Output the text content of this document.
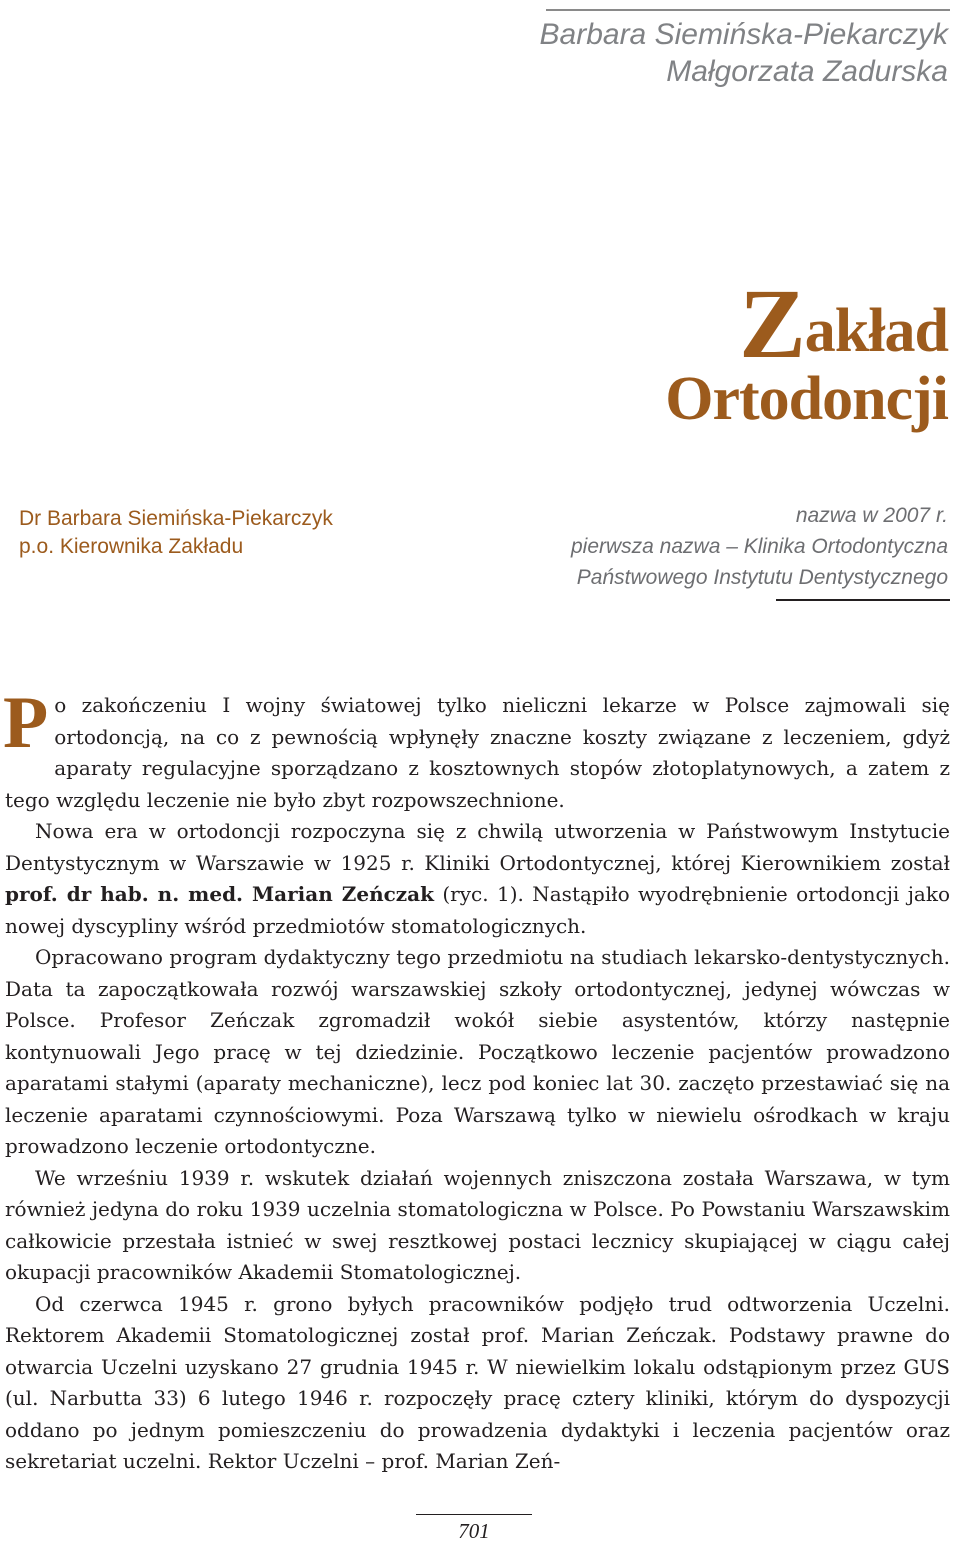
Barbara Siemińska-Piekarczyk
Małgorzata Zadurska
Zakład
Ortodoncji
Dr Barbara Siemińska-Piekarczyk
p.o. Kierownika Zakładu
nazwa w 2007 r.
pierwsza nazwa – Klinika Ortodontyczna
Państwowego Instytutu Dentystycznego

Po zakończeniu I wojny światowej tylko nieliczni lekarze w Polsce zajmowali się ortodoncją, na co z pewnością wpłynęły znaczne koszty związane z leczeniem, gdyż aparaty regulacyjne sporządzano z kosztownych stopów złotoplatynowych, a zatem z tego względu leczenie nie było zbyt rozpowszechnione.

Nowa era w ortodoncji rozpoczyna się z chwilą utworzenia w Państwowym Instytucie Dentystycznym w Warszawie w 1925 r. Kliniki Ortodontycznej, której Kierownikiem został prof. dr hab. n. med. Marian Zeńczak (ryc. 1). Nastąpiło wyodrębnienie ortodoncji jako nowej dyscypliny wśród przedmiotów stomatologicznych.

Opracowano program dydaktyczny tego przedmiotu na studiach lekarsko-dentystycznych. Data ta zapoczątkowała rozwój warszawskiej szkoły ortodontycznej, jedynej wówczas w Polsce. Profesor Zeńczak zgromadził wokół siebie asystentów, którzy następnie kontynuowali Jego pracę w tej dziedzinie. Początkowo leczenie pacjentów prowadzono aparatami stałymi (aparaty mechaniczne), lecz pod koniec lat 30. zaczęto przestawiać się na leczenie aparatami czynnościowymi. Poza Warszawą tylko w niewielu ośrodkach w kraju prowadzono leczenie ortodontyczne.

We wrześniu 1939 r. wskutek działań wojennych zniszczona została Warszawa, w tym również jedyna do roku 1939 uczelnia stomatologiczna w Polsce. Po Powstaniu Warszawskim całkowicie przestała istnieć w swej resztkowej postaci lecznicy skupiającej w ciągu całej okupacji pracowników Akademii Stomatologicznej.

Od czerwca 1945 r. grono byłych pracowników podjęło trud odtworzenia Uczelni. Rektorem Akademii Stomatologicznej został prof. Marian Zeńczak. Podstawy prawne do otwarcia Uczelni uzyskano 27 grudnia 1945 r. W niewielkim lokalu odstąpionym przez GUS (ul. Narbutta 33) 6 lutego 1946 r. rozpoczęły pracę cztery kliniki, którym do dyspozycji oddano po jednym pomieszczeniu do prowadzenia dydaktyki i leczenia pacjentów oraz sekretariat uczelni. Rektor Uczelni – prof. Marian Zeń-

701
